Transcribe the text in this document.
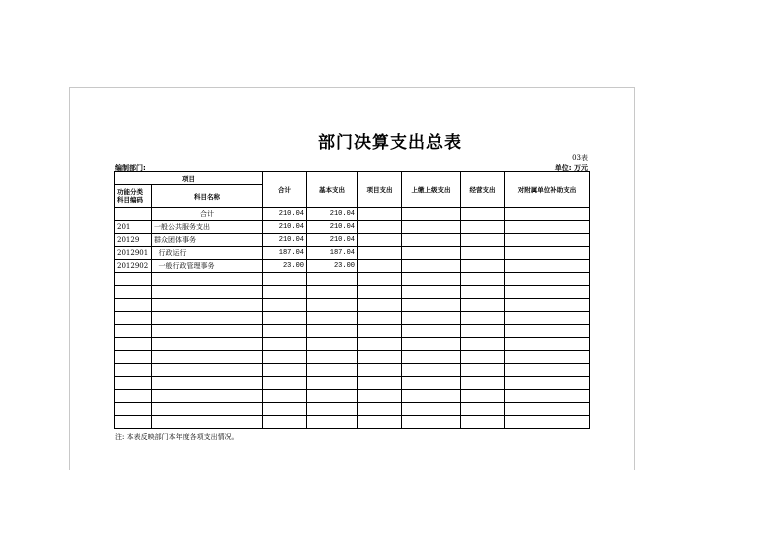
部门决算支出总表
03表
编制部门:	单位: 万元
项目		合计	基本支出	项目支出	上缴上级支出	经营支出	对附属单位补助支出
功能分类科目编码	科目名称						
	合计	210.04	210.04				
201	一般公共服务支出	210.04	210.04				
20129	群众团体事务	210.04	210.04				
2012901	行政运行	187.04	187.04				
2012902	一般行政管理事务	23.00	23.00				

注: 本表反映部门本年度各项支出情况。
